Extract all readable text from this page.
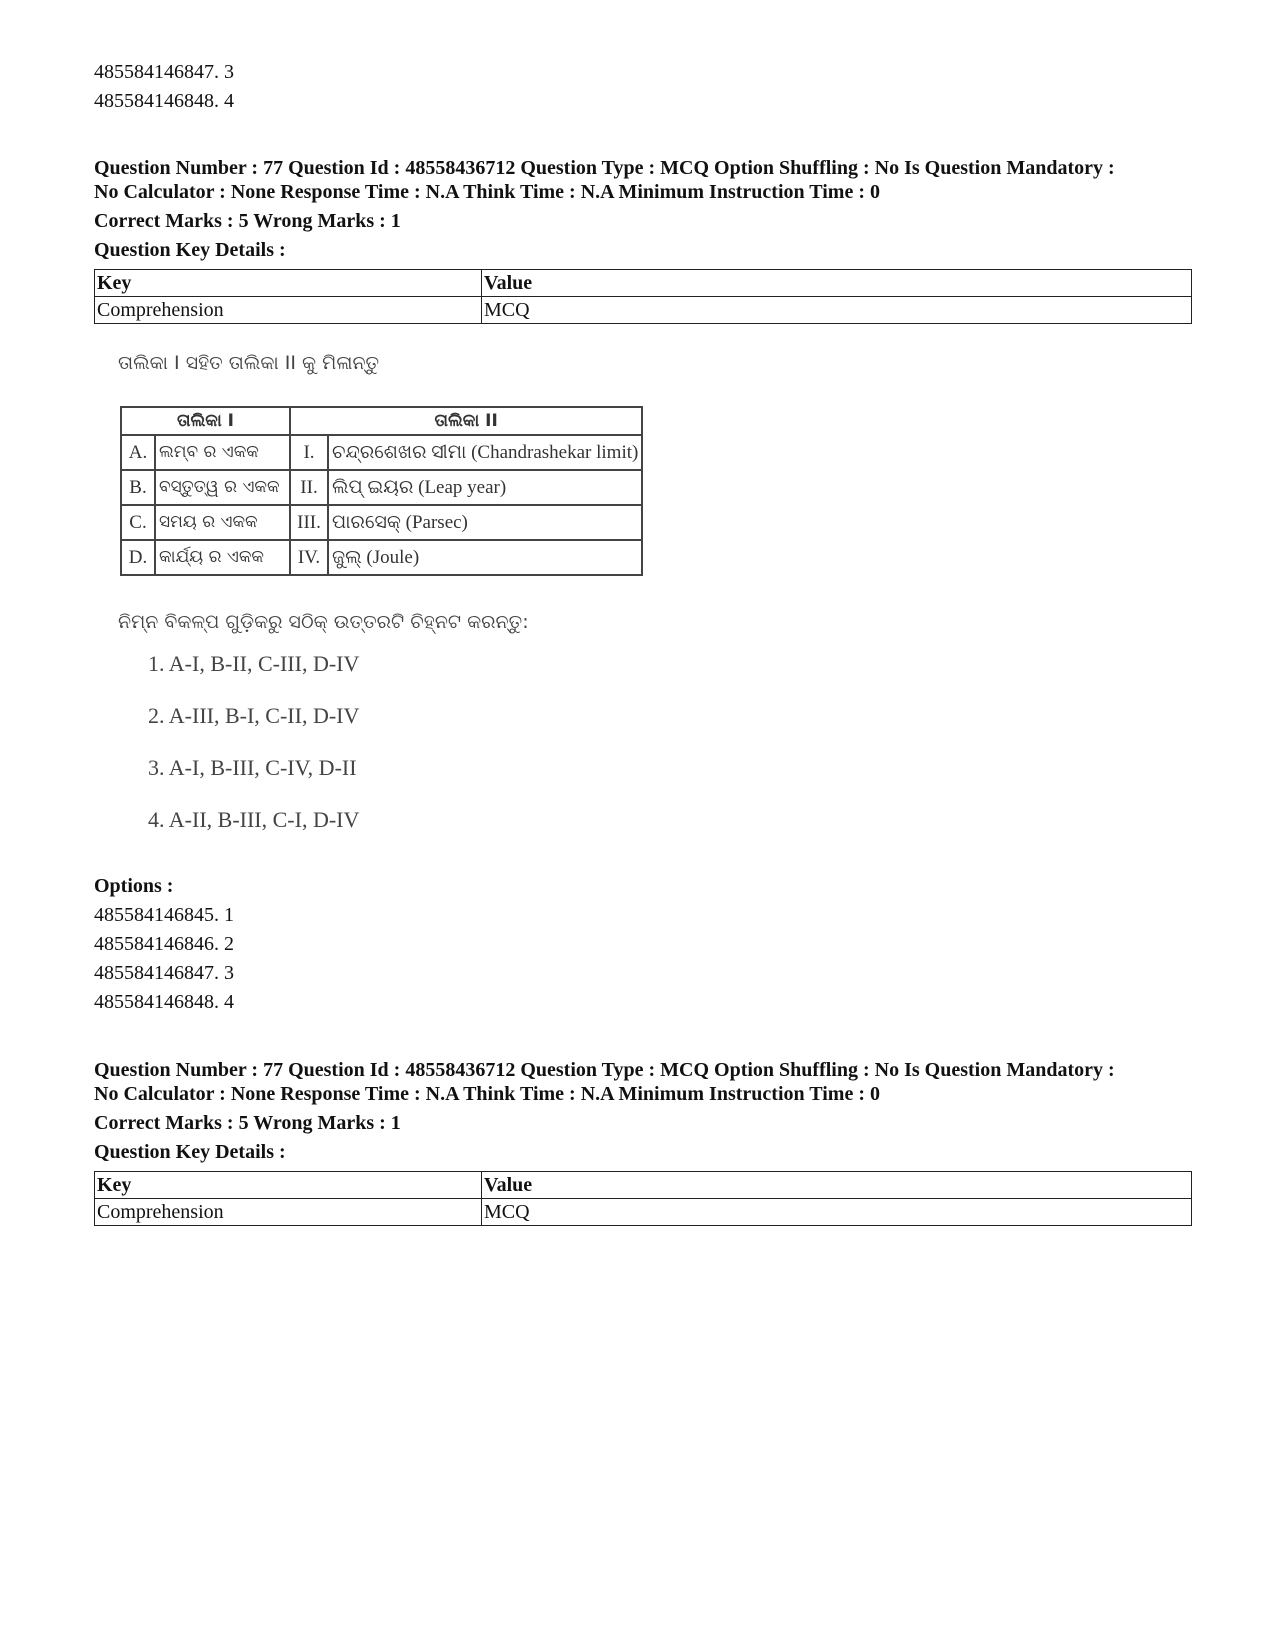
485584146847. 3
485584146848. 4
Question Number : 77 Question Id : 48558436712 Question Type : MCQ Option Shuffling : No Is Question Mandatory :
No Calculator : None Response Time : N.A Think Time : N.A Minimum Instruction Time : 0
Correct Marks : 5 Wrong Marks : 1
Question Key Details :
Key	Value
Comprehension	MCQ
ତାଲିକା I ସହିତ ତାଲିକା II କୁ ମିଳାନ୍ତୁ
ତାଲିକା I		ତାଲିକା II	
A.	ଲମ୍ବ ର ଏକକ	I.	ଚନ୍ଦ୍ରଶେଖର ସୀମା (Chandrashekar limit)
B.	ବସ୍ତୁତ୍ୱ ର ଏକକ	II.	ଲିପ୍ ଇୟର (Leap year)
C.	ସମୟ ର ଏକକ	III.	ପାରସେକ୍ (Parsec)
D.	କାର୍ଯ୍ୟ ର ଏକକ	IV.	ଜୁଲ୍ (Joule)
ନିମ୍ନ ବିକଳ୍ପ ଗୁଡ଼ିକରୁ ସଠିକ୍ ଉତ୍ତରଟି ଚିହ୍ନଟ କରନ୍ତୁ:
1. A-I, B-II, C-III, D-IV
2. A-III, B-I, C-II, D-IV
3. A-I, B-III, C-IV, D-II
4. A-II, B-III, C-I, D-IV
Options :
485584146845. 1
485584146846. 2
485584146847. 3
485584146848. 4
Question Number : 77 Question Id : 48558436712 Question Type : MCQ Option Shuffling : No Is Question Mandatory :
No Calculator : None Response Time : N.A Think Time : N.A Minimum Instruction Time : 0
Correct Marks : 5 Wrong Marks : 1
Question Key Details :
Key	Value
Comprehension	MCQ
